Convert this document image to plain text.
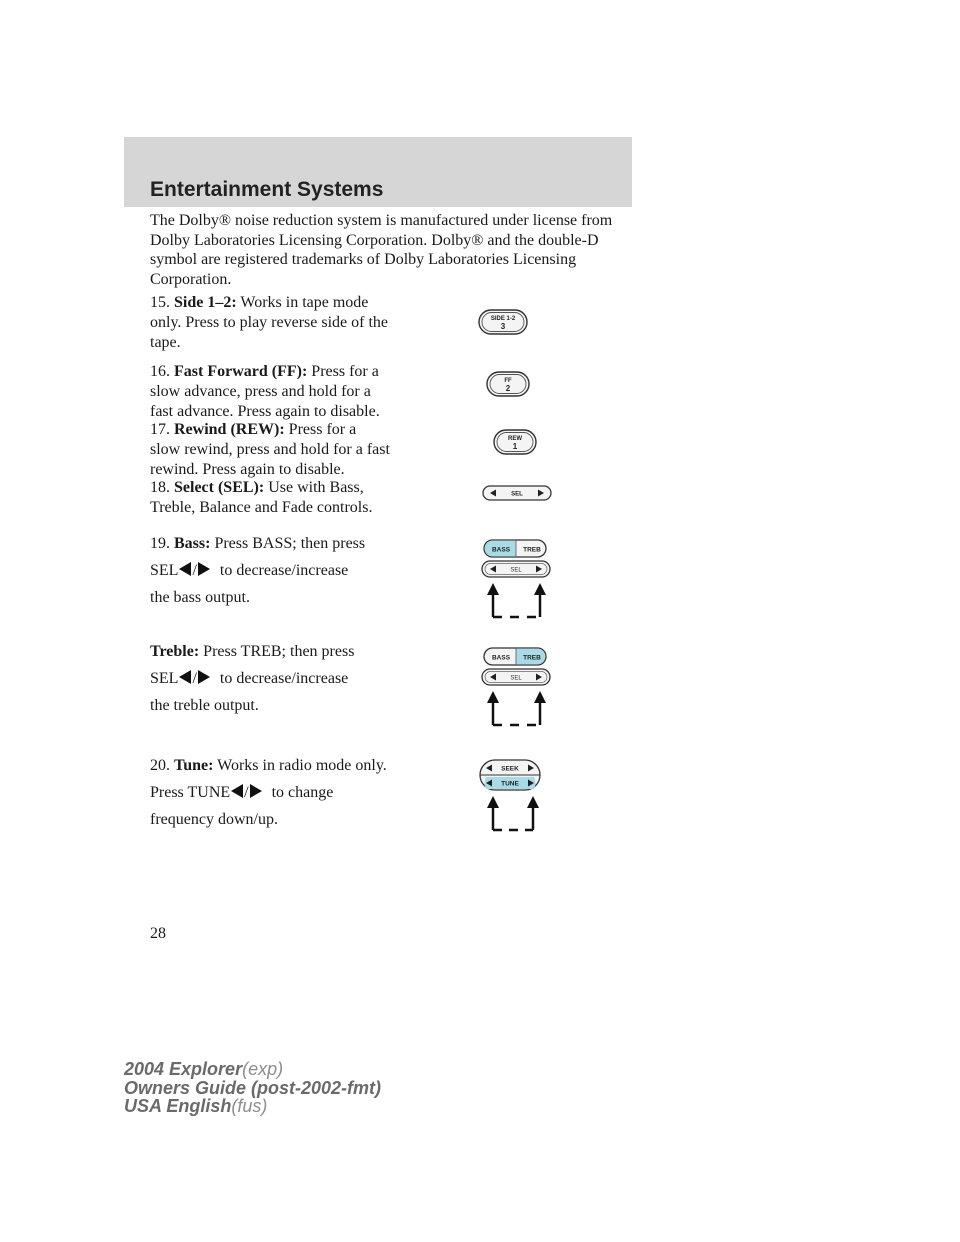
Entertainment Systems

The Dolby® noise reduction system is manufactured under license from Dolby Laboratories Licensing Corporation. Dolby® and the double-D symbol are registered trademarks of Dolby Laboratories Licensing Corporation.

15. Side 1–2: Works in tape mode only. Press to play reverse side of the tape.

16. Fast Forward (FF): Press for a slow advance, press and hold for a fast advance. Press again to disable.

17. Rewind (REW): Press for a slow rewind, press and hold for a fast rewind. Press again to disable.

18. Select (SEL): Use with Bass, Treble, Balance and Fade controls.

19. Bass: Press BASS; then press
SEL / to decrease/increase
the bass output.
Treble: Press TREB; then press
SEL / to decrease/increase
the treble output.
20. Tune: Works in radio mode only.
Press TUNE / to change
frequency down/up.
SIDE 1-2
3
FF
2
REW
1
SEL
BASS TREB
SEL
BASS TREB
SEL
SEEK
TUNE
28
2004 Explorer(exp)
Owners Guide (post-2002-fmt)
USA English(fus)
